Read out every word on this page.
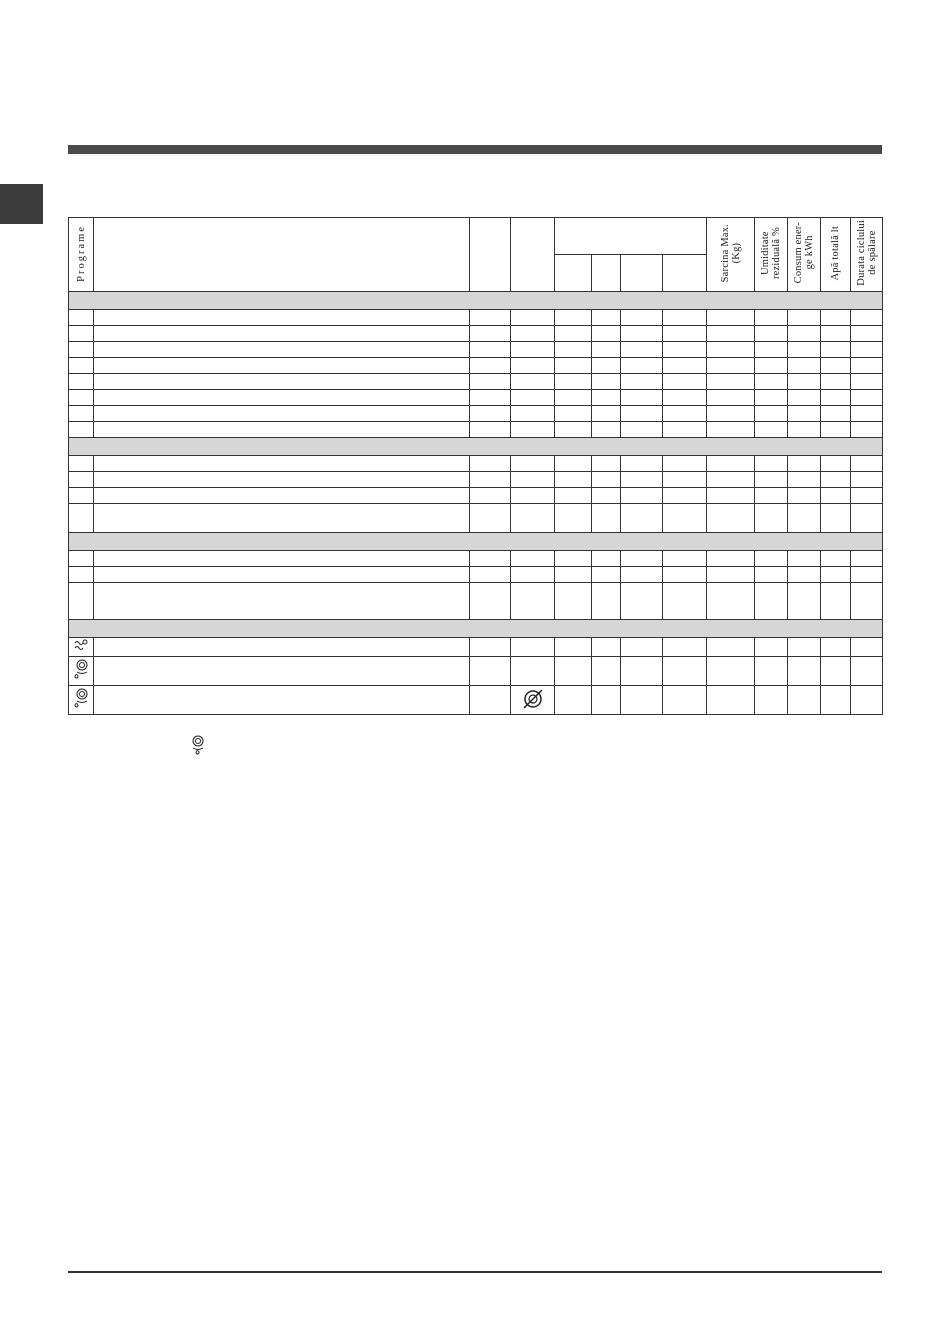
Programe								Sarcina Max. (Kg)	Umiditate reziduală %	Consum ener- ge kWh	Apă totală lt	Durata ciclului de spălare
